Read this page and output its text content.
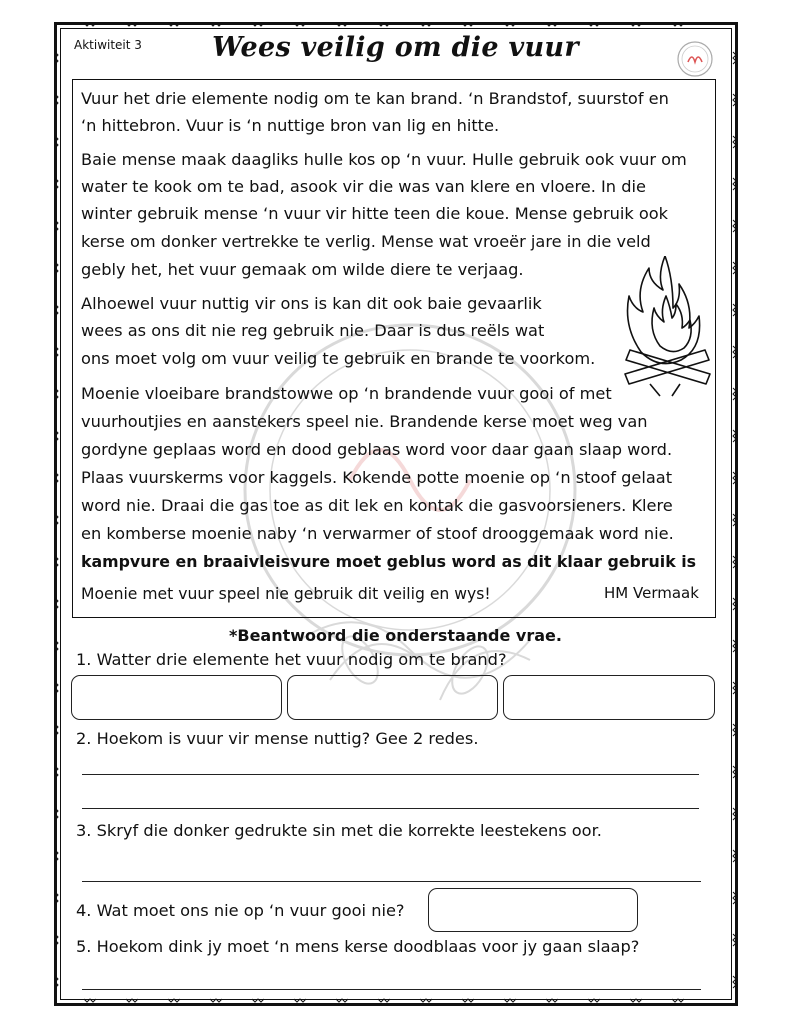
Aktiwiteit 3	Wees veilig om die vuur
Vuur het drie elemente nodig om te kan brand. ‘n Brandstof, suurstof en
‘n hittebron. Vuur is ‘n nuttige bron van lig en hitte.
Baie mense maak daagliks hulle kos op ‘n vuur. Hulle gebruik ook vuur om
water te kook om te bad, asook vir die was van klere en vloere. In die
winter gebruik mense ‘n vuur vir hitte teen die koue. Mense gebruik ook
kerse om donker vertrekke te verlig. Mense wat vroeër jare in die veld
gebly het, het vuur gemaak om wilde diere te verjaag.
Alhoewel vuur nuttig vir ons is kan dit ook baie gevaarlik
wees as ons dit nie reg gebruik nie. Daar is dus reëls wat
ons moet volg om vuur veilig te gebruik en brande te voorkom.
Moenie vloeibare brandstowwe op ‘n brandende vuur gooi of met
vuurhoutjies en aanstekers speel nie. Brandende kerse moet weg van
gordyne geplaas word en dood geblaas word voor daar gaan slaap word.
Plaas vuurskerms voor kaggels. Kokende potte moenie op ‘n stoof gelaat
word nie. Draai die gas toe as dit lek en kontak die gasvoorsieners. Klere
en komberse moenie naby ‘n verwarmer of stoof drooggemaak word nie.
kampvure en braaivleisvure moet geblus word as dit klaar gebruik is
Moenie met vuur speel nie gebruik dit veilig en wys!	HM Vermaak
*Beantwoord die onderstaande vrae.
1. Watter drie elemente het vuur nodig om te brand?
2. Hoekom is vuur vir mense nuttig? Gee 2 redes.
3. Skryf die donker gedrukte sin met die korrekte leestekens oor.
4. Wat moet ons nie op ‘n vuur gooi nie?
5. Hoekom dink jy moet ‘n mens kerse doodblaas voor jy gaan slaap?
